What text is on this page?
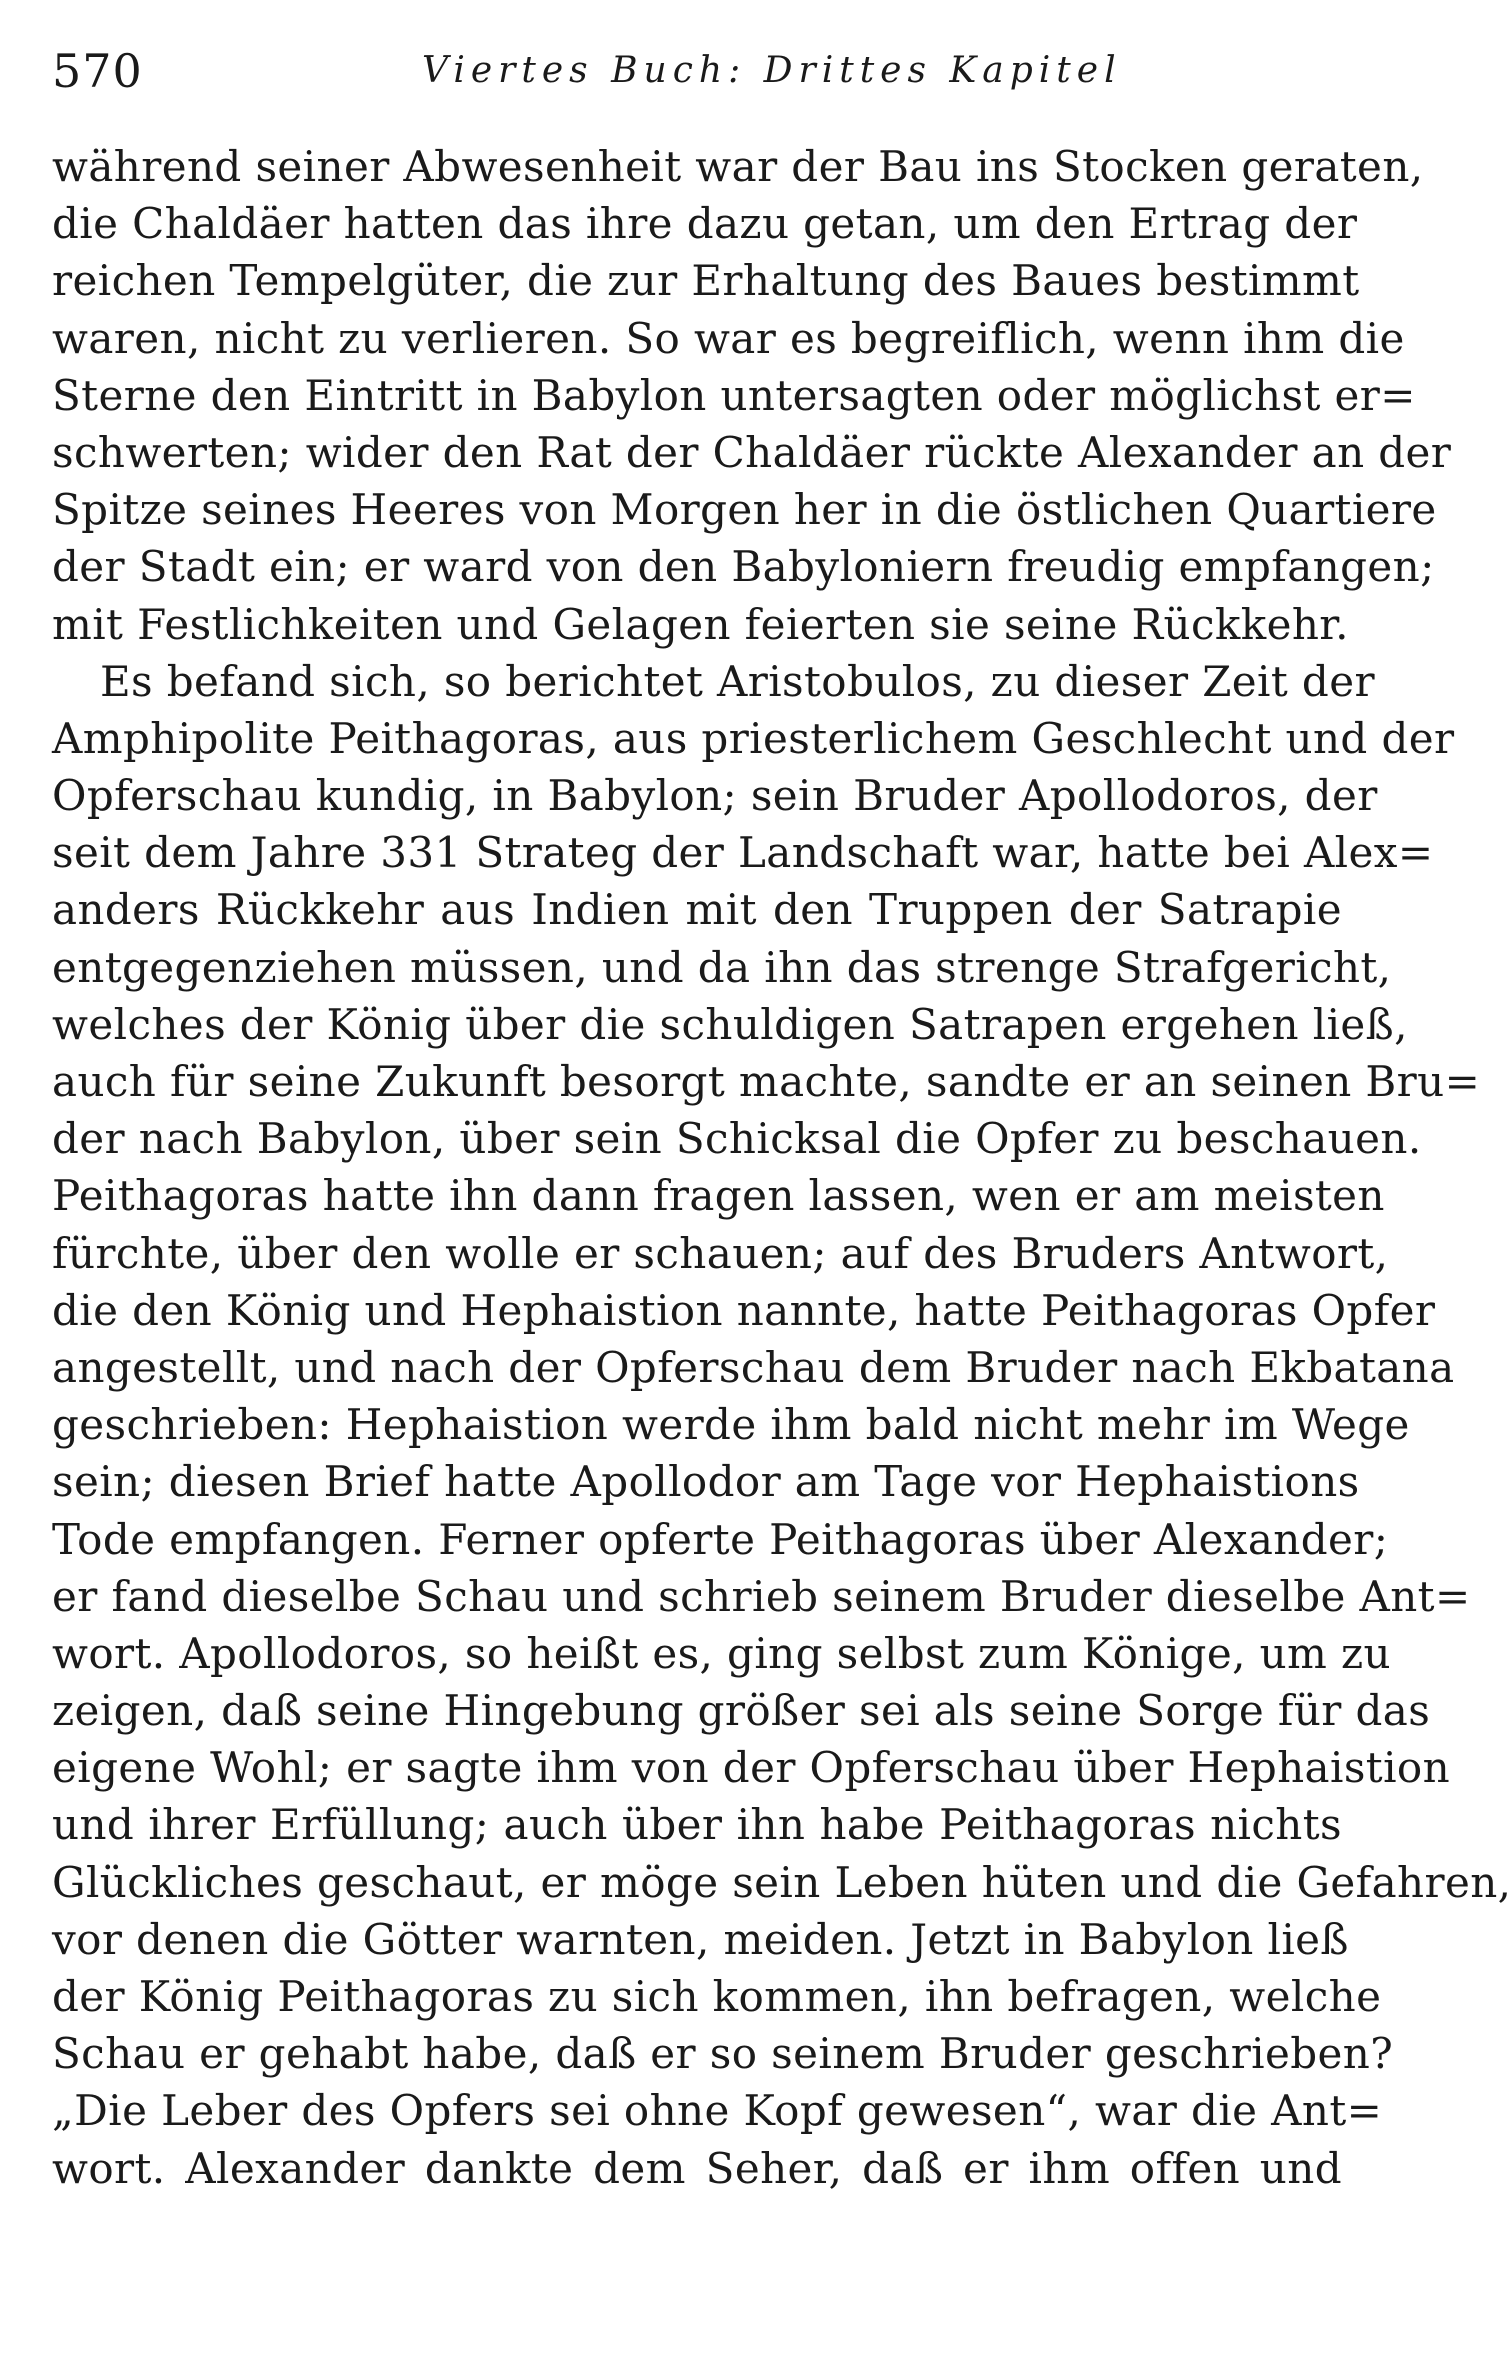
570	Viertes Buch: Drittes Kapitel
während seiner Abwesenheit war der Bau ins Stocken geraten,
die Chaldäer hatten das ihre dazu getan, um den Ertrag der
reichen Tempelgüter, die zur Erhaltung des Baues bestimmt
waren, nicht zu verlieren. So war es begreiflich, wenn ihm die
Sterne den Eintritt in Babylon untersagten oder möglichst er=
schwerten; wider den Rat der Chaldäer rückte Alexander an der
Spitze seines Heeres von Morgen her in die östlichen Quartiere
der Stadt ein; er ward von den Babyloniern freudig empfangen;
mit Festlichkeiten und Gelagen feierten sie seine Rückkehr.
Es befand sich, so berichtet Aristobulos, zu dieser Zeit der
Amphipolite Peithagoras, aus priesterlichem Geschlecht und der
Opferschau kundig, in Babylon; sein Bruder Apollodoros, der
seit dem Jahre 331 Strateg der Landschaft war, hatte bei Alex=
anders Rückkehr aus Indien mit den Truppen der Satrapie
entgegenziehen müssen, und da ihn das strenge Strafgericht,
welches der König über die schuldigen Satrapen ergehen ließ,
auch für seine Zukunft besorgt machte, sandte er an seinen Bru=
der nach Babylon, über sein Schicksal die Opfer zu beschauen.
Peithagoras hatte ihn dann fragen lassen, wen er am meisten
fürchte, über den wolle er schauen; auf des Bruders Antwort,
die den König und Hephaistion nannte, hatte Peithagoras Opfer
angestellt, und nach der Opferschau dem Bruder nach Ekbatana
geschrieben: Hephaistion werde ihm bald nicht mehr im Wege
sein; diesen Brief hatte Apollodor am Tage vor Hephaistions
Tode empfangen. Ferner opferte Peithagoras über Alexander;
er fand dieselbe Schau und schrieb seinem Bruder dieselbe Ant=
wort. Apollodoros, so heißt es, ging selbst zum Könige, um zu
zeigen, daß seine Hingebung größer sei als seine Sorge für das
eigene Wohl; er sagte ihm von der Opferschau über Hephaistion
und ihrer Erfüllung; auch über ihn habe Peithagoras nichts
Glückliches geschaut, er möge sein Leben hüten und die Gefahren,
vor denen die Götter warnten, meiden. Jetzt in Babylon ließ
der König Peithagoras zu sich kommen, ihn befragen, welche
Schau er gehabt habe, daß er so seinem Bruder geschrieben?
„Die Leber des Opfers sei ohne Kopf gewesen“, war die Ant=
wort. Alexander dankte dem Seher, daß er ihm offen und
